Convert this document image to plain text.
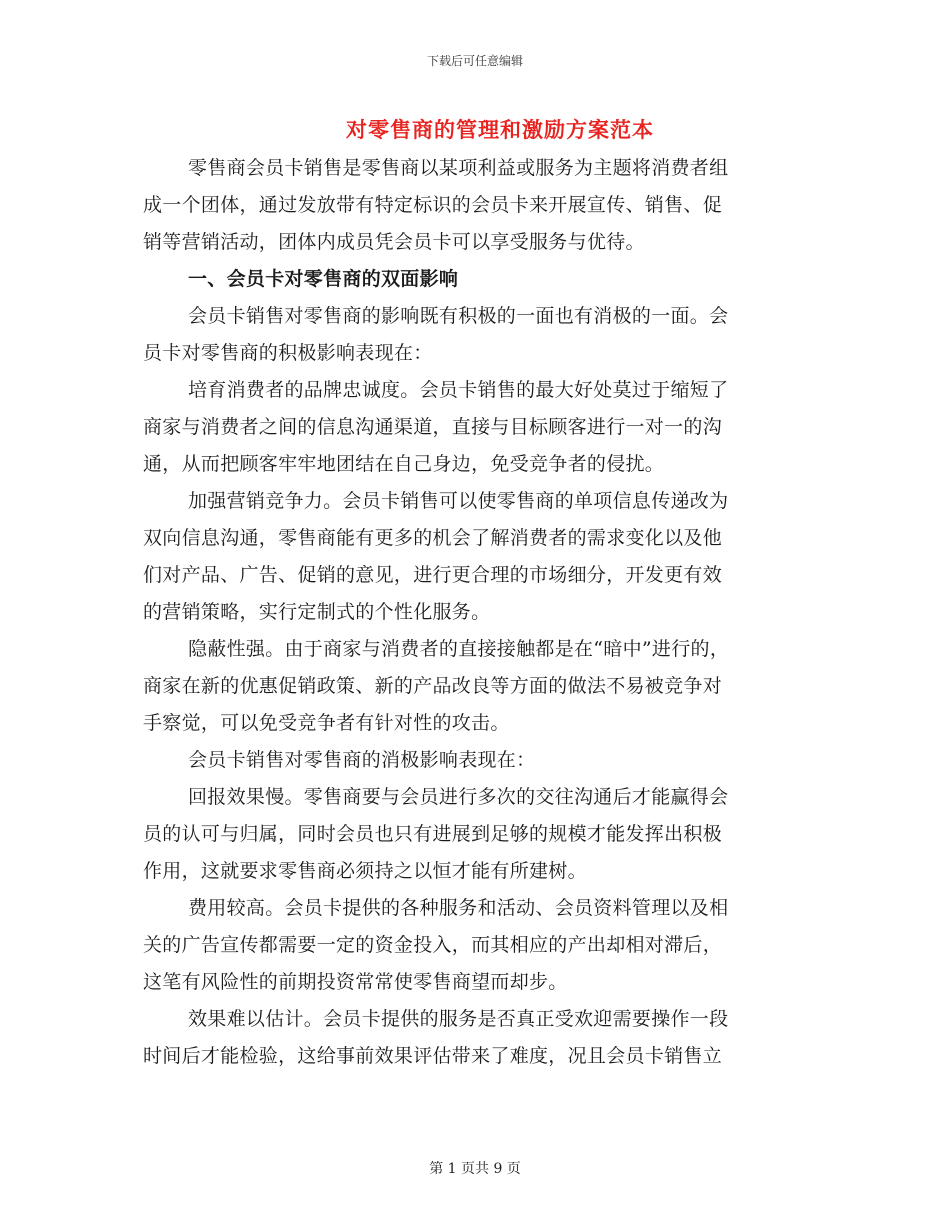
下载后可任意编辑
对零售商的管理和激励方案范本
零售商会员卡销售是零售商以某项利益或服务为主题将消费者组
成一个团体，通过发放带有特定标识的会员卡来开展宣传、销售、促
销等营销活动，团体内成员凭会员卡可以享受服务与优待。
一、会员卡对零售商的双面影响
会员卡销售对零售商的影响既有积极的一面也有消极的一面。会
员卡对零售商的积极影响表现在：
培育消费者的品牌忠诚度。会员卡销售的最大好处莫过于缩短了
商家与消费者之间的信息沟通渠道，直接与目标顾客进行一对一的沟
通，从而把顾客牢牢地团结在自己身边，免受竞争者的侵扰。
加强营销竞争力。会员卡销售可以使零售商的单项信息传递改为
双向信息沟通，零售商能有更多的机会了解消费者的需求变化以及他
们对产品、广告、促销的意见，进行更合理的市场细分，开发更有效
的营销策略，实行定制式的个性化服务。
隐蔽性强。由于商家与消费者的直接接触都是在“暗中”进行的，
商家在新的优惠促销政策、新的产品改良等方面的做法不易被竞争对
手察觉，可以免受竞争者有针对性的攻击。
会员卡销售对零售商的消极影响表现在：
回报效果慢。零售商要与会员进行多次的交往沟通后才能赢得会
员的认可与归属，同时会员也只有进展到足够的规模才能发挥出积极
作用，这就要求零售商必须持之以恒才能有所建树。
费用较高。会员卡提供的各种服务和活动、会员资料管理以及相
关的广告宣传都需要一定的资金投入，而其相应的产出却相对滞后，
这笔有风险性的前期投资常常使零售商望而却步。
效果难以估计。会员卡提供的服务是否真正受欢迎需要操作一段
时间后才能检验，这给事前效果评估带来了难度，况且会员卡销售立
第 1 页共 9 页
